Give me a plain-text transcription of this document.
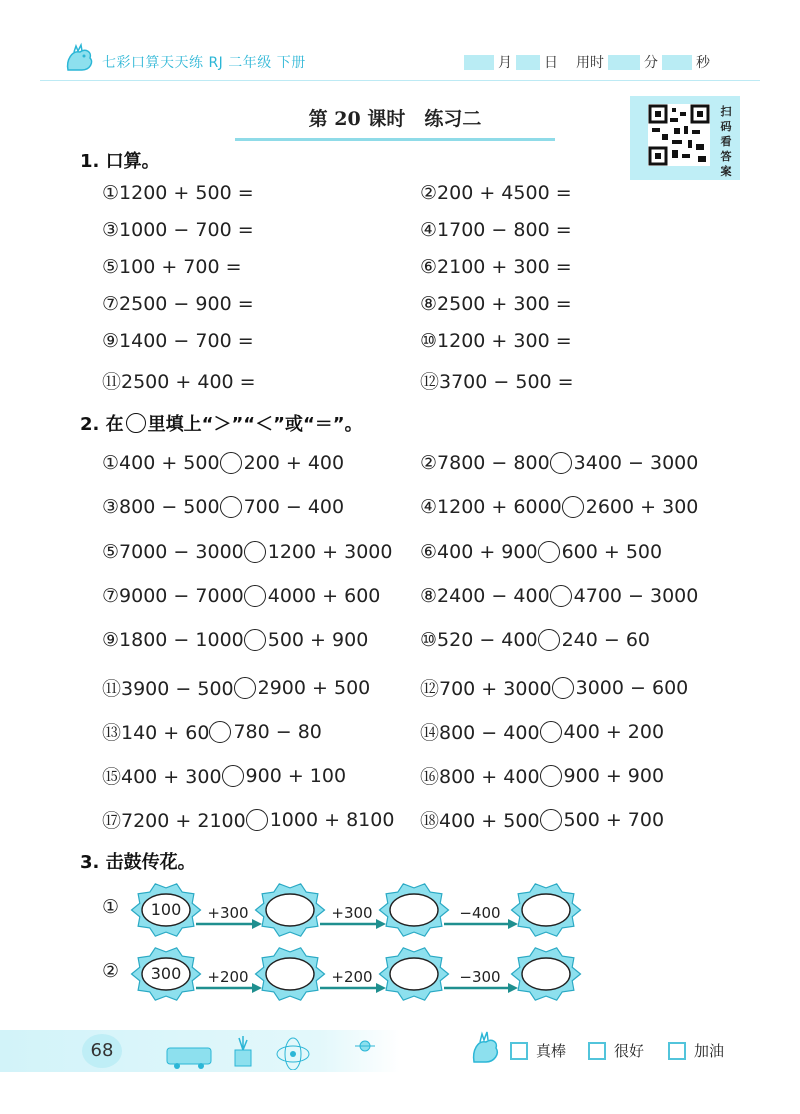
七彩口算天天练 RJ 二年级 下册	月 日 用时	分	秒
第 20 课时　练习二	扫
码
看
答
案
1. 口算。
①1200 + 500 =	②200 + 4500 =
③1000 − 700 =	④1700 − 800 =
⑤100 + 700 =	⑥2100 + 300 =
⑦2500 − 900 =	⑧2500 + 300 =
⑨1400 − 700 =	⑩1200 + 300 =
⑪2500 + 400 =	⑫3700 − 500 =
2. 在 里填上“＞”“＜”或“＝”。
①400 + 500 200 + 400	②7800 − 800 3400 − 3000
③800 − 500 700 − 400	④1200 + 6000 2600 + 300
⑤7000 − 3000 1200 + 3000 ⑥400 + 900 600 + 500
⑦9000 − 7000 4000 + 600 ⑧2400 − 400 4700 − 3000
⑨1800 − 1000 500 + 900	⑩520 − 400 240 − 60
⑪3900 − 500 2900 + 500	⑫700 + 3000 3000 − 600
⑬140 + 60 780 − 80	⑭800 − 400 400 + 200
⑮400 + 300 900 + 100	⑯800 + 400 900 + 900
⑰7200 + 2100 1000 + 8100 ⑱400 + 500 500 + 700
3. 击鼓传花。
①	100	+300	+300	−400
②	300	+200	+200	−300
68	真棒	很好	加油
